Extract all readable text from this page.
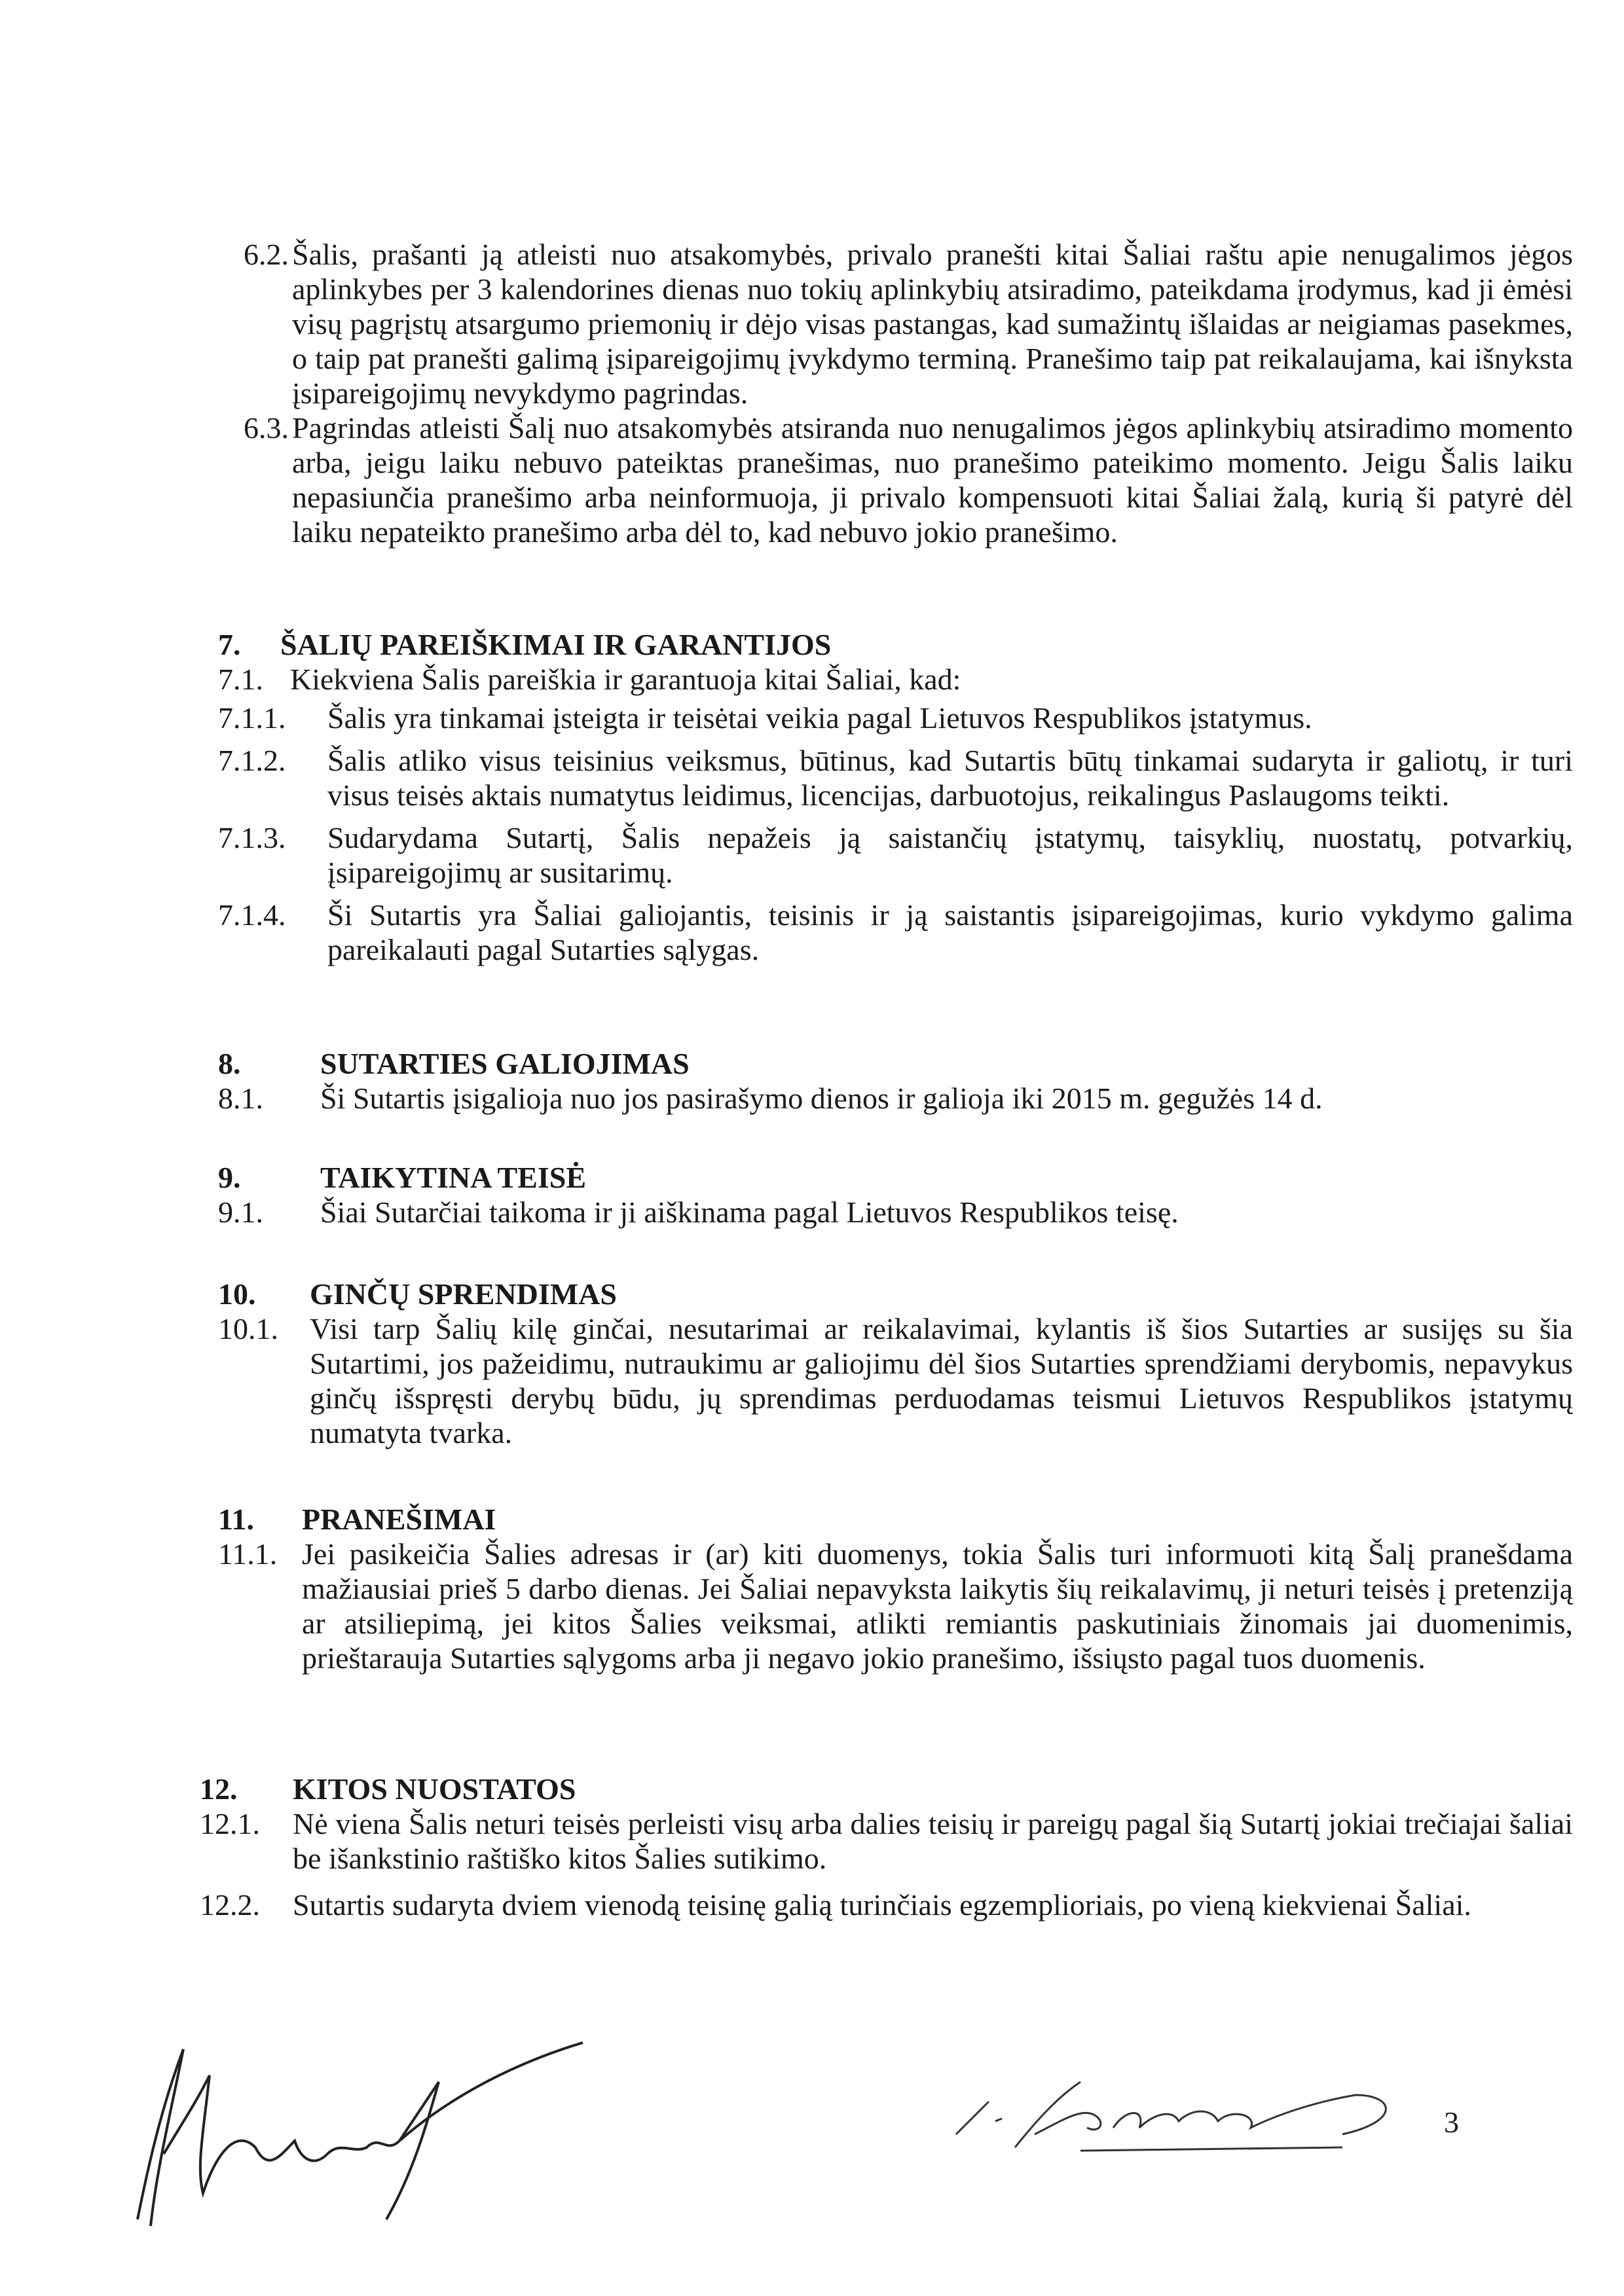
6.2. Šalis, prašanti ją atleisti nuo atsakomybės, privalo pranešti kitai Šaliai raštu apie nenugalimos jėgos aplinkybes per 3 kalendorines dienas nuo tokių aplinkybių atsiradimo, pateikdama įrodymus, kad ji ėmėsi visų pagrįstų atsargumo priemonių ir dėjo visas pastangas, kad sumažintų išlaidas ar neigiamas pasekmes, o taip pat pranešti galimą įsipareigojimų įvykdymo terminą. Pranešimo taip pat reikalaujama, kai išnyksta įsipareigojimų nevykdymo pagrindas.
6.3. Pagrindas atleisti Šalį nuo atsakomybės atsiranda nuo nenugalimos jėgos aplinkybių atsiradimo momento arba, jeigu laiku nebuvo pateiktas pranešimas, nuo pranešimo pateikimo momento. Jeigu Šalis laiku nepasiunčia pranešimo arba neinformuoja, ji privalo kompensuoti kitai Šaliai žalą, kurią ši patyrė dėl laiku nepateikto pranešimo arba dėl to, kad nebuvo jokio pranešimo.
7.	ŠALIŲ PAREIŠKIMAI IR GARANTIJOS
7.1. Kiekviena Šalis pareiškia ir garantuoja kitai Šaliai, kad:
7.1.1.	Šalis yra tinkamai įsteigta ir teisėtai veikia pagal Lietuvos Respublikos įstatymus.
7.1.2.	Šalis atliko visus teisinius veiksmus, būtinus, kad Sutartis būtų tinkamai sudaryta ir galiotų, ir turi visus teisės aktais numatytus leidimus, licencijas, darbuotojus, reikalingus Paslaugoms teikti.
7.1.3.	Sudarydama Sutartį, Šalis nepažeis ją saistančių įstatymų, taisyklių, nuostatų, potvarkių, įsipareigojimų ar susitarimų.
7.1.4.	Ši Sutartis yra Šaliai galiojantis, teisinis ir ją saistantis įsipareigojimas, kurio vykdymo galima pareikalauti pagal Sutarties sąlygas.
8.	SUTARTIES GALIOJIMAS
8.1.	Ši Sutartis įsigalioja nuo jos pasirašymo dienos ir galioja iki 2015 m. gegužės 14 d.
9.	TAIKYTINA TEISĖ
9.1.	Šiai Sutarčiai taikoma ir ji aiškinama pagal Lietuvos Respublikos teisę.
10.	GINČŲ SPRENDIMAS
10.1.	Visi tarp Šalių kilę ginčai, nesutarimai ar reikalavimai, kylantis iš šios Sutarties ar susijęs su šia Sutartimi, jos pažeidimu, nutraukimu ar galiojimu dėl šios Sutarties sprendžiami derybomis, nepavykus ginčų išspręsti derybų būdu, jų sprendimas perduodamas teismui Lietuvos Respublikos įstatymų numatyta tvarka.
11.	PRANEŠIMAI
11.1. Jei pasikeičia Šalies adresas ir (ar) kiti duomenys, tokia Šalis turi informuoti kitą Šalį pranešdama mažiausiai prieš 5 darbo dienas. Jei Šaliai nepavyksta laikytis šių reikalavimų, ji neturi teisės į pretenziją ar atsiliepimą, jei kitos Šalies veiksmai, atlikti remiantis paskutiniais žinomais jai duomenimis, prieštarauja Sutarties sąlygoms arba ji negavo jokio pranešimo, išsiųsto pagal tuos duomenis.
12.	KITOS NUOSTATOS
12.1.	Nė viena Šalis neturi teisės perleisti visų arba dalies teisių ir pareigų pagal šią Sutartį jokiai trečiajai šaliai be išankstinio raštiško kitos Šalies sutikimo.
12.2.	Sutartis sudaryta dviem vienodą teisinę galią turinčiais egzemplioriais, po vieną kiekvienai Šaliai.
3
